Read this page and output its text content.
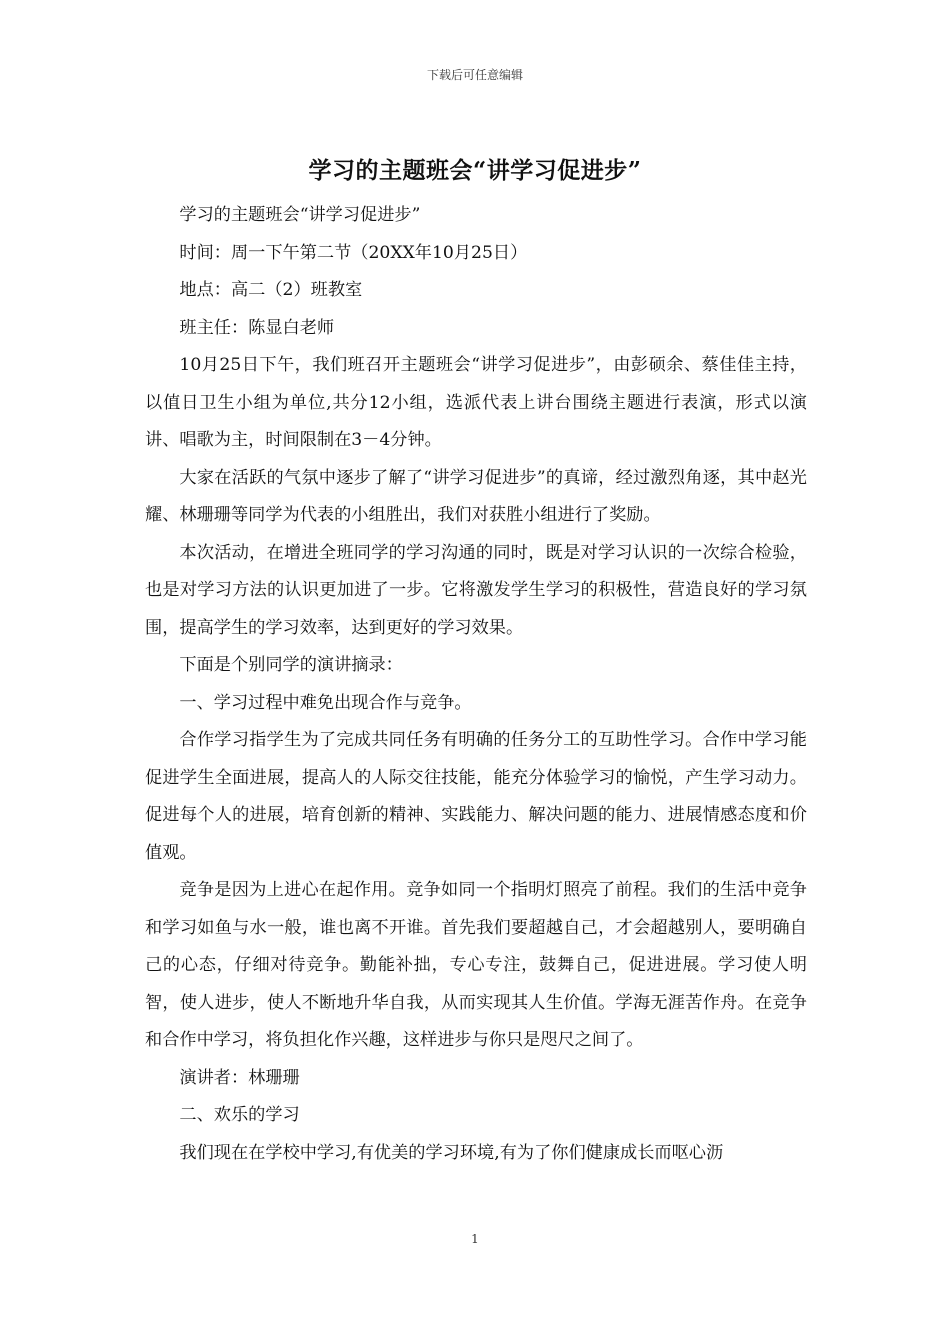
下载后可任意编辑
学习的主题班会“讲学习促进步”

学习的主题班会“讲学习促进步”

时间：周一下午第二节（20XX年10月25日）

地点：高二（2）班教室

班主任：陈显白老师

10月25日下午，我们班召开主题班会“讲学习促进步”，由彭硕余、蔡佳佳主持，以值日卫生小组为单位,共分12小组，选派代表上讲台围绕主题进行表演，形式以演讲、唱歌为主，时间限制在3－4分钟。

大家在活跃的气氛中逐步了解了“讲学习促进步”的真谛，经过激烈角逐，其中赵光耀、林珊珊等同学为代表的小组胜出，我们对获胜小组进行了奖励。

本次活动，在增进全班同学的学习沟通的同时，既是对学习认识的一次综合检验，也是对学习方法的认识更加进了一步。它将激发学生学习的积极性，营造良好的学习氛围，提高学生的学习效率，达到更好的学习效果。

下面是个别同学的演讲摘录：

一、学习过程中难免出现合作与竞争。

合作学习指学生为了完成共同任务有明确的任务分工的互助性学习。合作中学习能促进学生全面进展，提高人的人际交往技能，能充分体验学习的愉悦，产生学习动力。促进每个人的进展，培育创新的精神、实践能力、解决问题的能力、进展情感态度和价值观。

竞争是因为上进心在起作用。竞争如同一个指明灯照亮了前程。我们的生活中竞争和学习如鱼与水一般，谁也离不开谁。首先我们要超越自己，才会超越别人，要明确自己的心态，仔细对待竞争。勤能补拙，专心专注，鼓舞自己，促进进展。学习使人明智，使人进步，使人不断地升华自我，从而实现其人生价值。学海无涯苦作舟。在竞争和合作中学习，将负担化作兴趣，这样进步与你只是咫尺之间了。

演讲者：林珊珊

二、欢乐的学习

我们现在在学校中学习,有优美的学习环境,有为了你们健康成长而呕心沥

1
